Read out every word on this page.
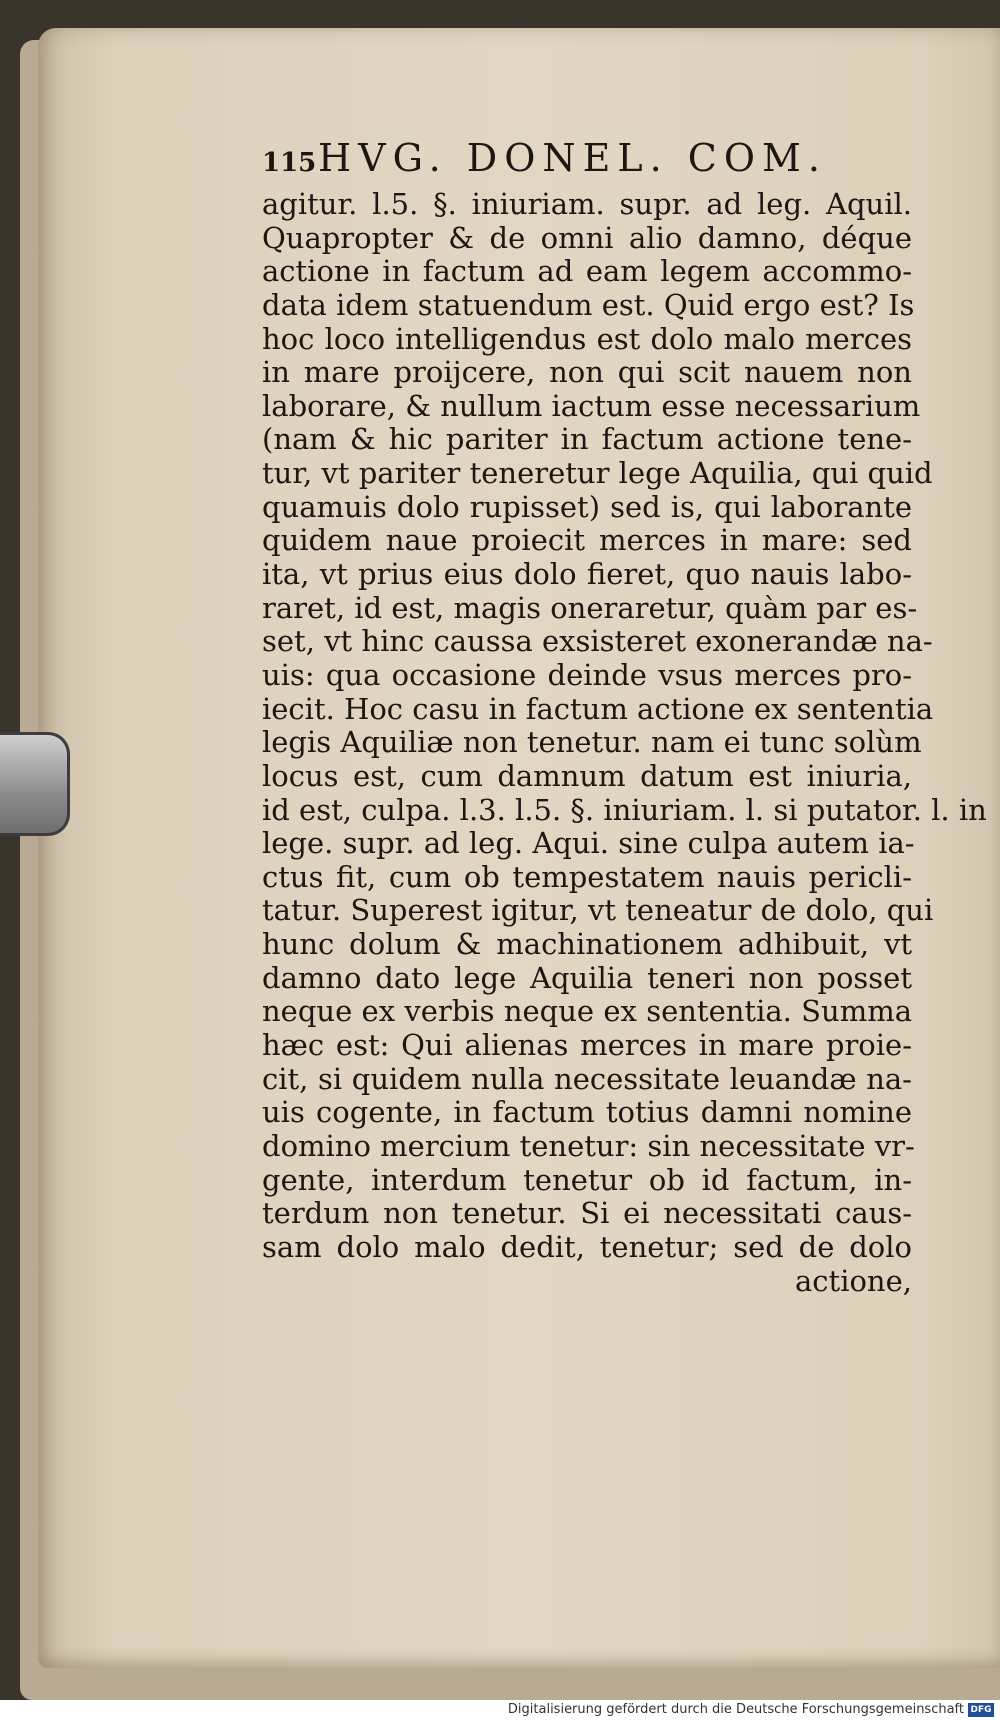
115 HVG. DONEL. COM.
agitur. l.5. §. iniuriam. supr. ad leg. Aquil.
Quapropter & de omni alio damno, déque
actione in factum ad eam legem accommo-
data idem statuendum est. Quid ergo est? Is
hoc loco intelligendus est dolo malo merces
in mare proijcere, non qui scit nauem non
laborare, & nullum iactum esse necessarium
(nam & hic pariter in factum actione tene-
tur, vt pariter teneretur lege Aquilia, qui quid
quamuis dolo rupisset) sed is, qui laborante
quidem naue proiecit merces in mare: sed
ita, vt prius eius dolo fieret, quo nauis labo-
raret, id est, magis oneraretur, quàm par es-
set, vt hinc caussa exsisteret exonerandæ na-
uis: qua occasione deinde vsus merces pro-
iecit. Hoc casu in factum actione ex sententia
legis Aquiliæ non tenetur. nam ei tunc solùm
locus est, cum damnum datum est iniuria,
id est, culpa. l.3. l.5. §. iniuriam. l. si putator. l. in
lege. supr. ad leg. Aqui. sine culpa autem ia-
ctus fit, cum ob tempestatem nauis pericli-
tatur. Superest igitur, vt teneatur de dolo, qui
hunc dolum & machinationem adhibuit, vt
damno dato lege Aquilia teneri non posset
neque ex verbis neque ex sententia. Summa
hæc est: Qui alienas merces in mare proie-
cit, si quidem nulla necessitate leuandæ na-
uis cogente, in factum totius damni nomine
domino mercium tenetur: sin necessitate vr-
gente, interdum tenetur ob id factum, in-
terdum non tenetur. Si ei necessitati caus-
sam dolo malo dedit, tenetur; sed de dolo
actione,
Digitalisierung gefördert durch die Deutsche Forschungsgemeinschaft DFG
